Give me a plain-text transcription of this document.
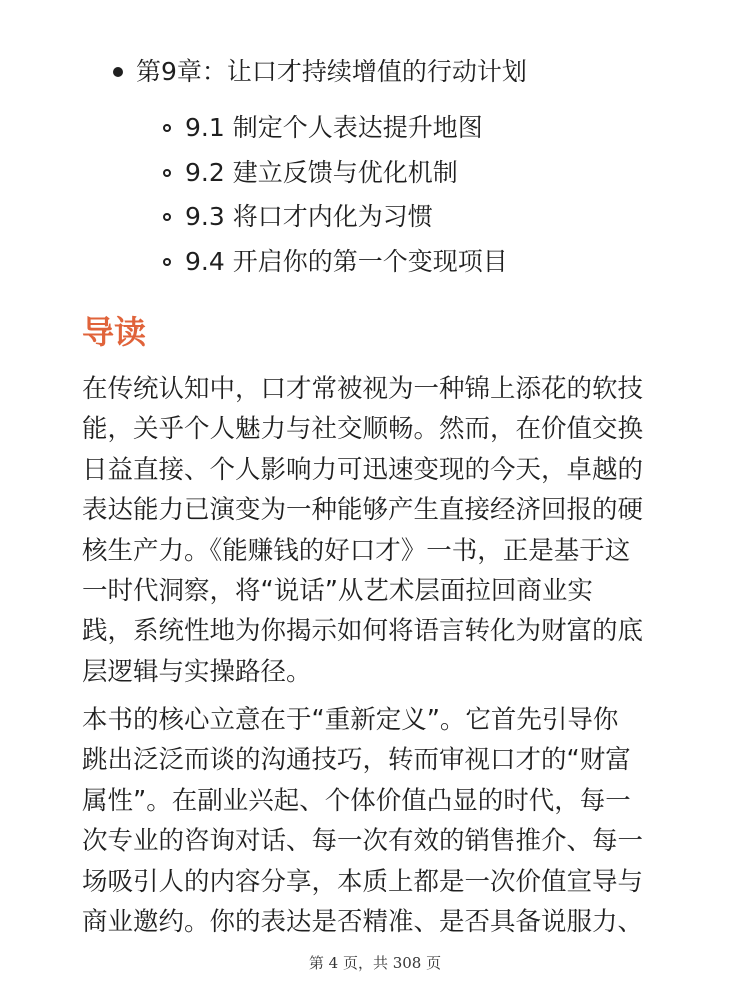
第9章：让口才持续增值的行动计划
9.1 制定个人表达提升地图
9.2 建立反馈与优化机制
9.3 将口才内化为习惯
9.4 开启你的第一个变现项目
导读

在传统认知中，口才常被视为一种锦上添花的软技
能，关乎个人魅力与社交顺畅。然而，在价值交换
日益直接、个人影响力可迅速变现的今天，卓越的
表达能力已演变为一种能够产生直接经济回报的硬
核生产力。《能赚钱的好口才》一书，正是基于这
一时代洞察，将“说话”从艺术层面拉回商业实
践，系统性地为你揭示如何将语言转化为财富的底
层逻辑与实操路径。

本书的核心立意在于“重新定义”。它首先引导你
跳出泛泛而谈的沟通技巧，转而审视口才的“财富
属性”。在副业兴起、个体价值凸显的时代，每一
次专业的咨询对话、每一次有效的销售推介、每一
场吸引人的内容分享，本质上都是一次价值宣导与
商业邀约。你的表达是否精准、是否具备说服力、

第 4 页，共 308 页
